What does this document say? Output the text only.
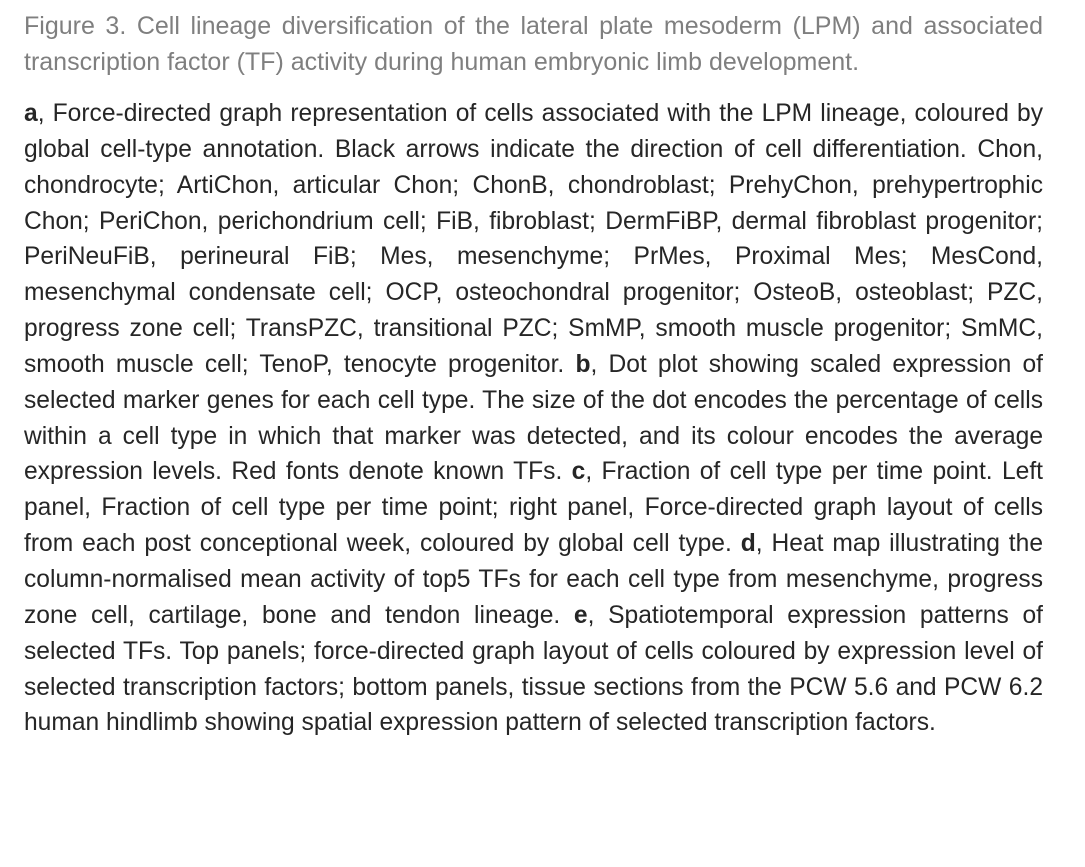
Figure 3. Cell lineage diversification of the lateral plate mesoderm (LPM) and associated transcription factor (TF) activity during human embryonic limb development.

a, Force-directed graph representation of cells associated with the LPM lineage, coloured by global cell-type annotation. Black arrows indicate the direction of cell differentiation. Chon, chondrocyte; ArtiChon, articular Chon; ChonB, chondroblast; PrehyChon, prehypertrophic Chon; PeriChon, perichondrium cell; FiB, fibroblast; DermFiBP, dermal fibroblast progenitor; PeriNeuFiB, perineural FiB; Mes, mesenchyme; PrMes, Proximal Mes; MesCond, mesenchymal condensate cell; OCP, osteochondral progenitor; OsteoB, osteoblast; PZC, progress zone cell; TransPZC, transitional PZC; SmMP, smooth muscle progenitor; SmMC, smooth muscle cell; TenoP, tenocyte progenitor. b, Dot plot showing scaled expression of selected marker genes for each cell type. The size of the dot encodes the percentage of cells within a cell type in which that marker was detected, and its colour encodes the average expression levels. Red fonts denote known TFs. c, Fraction of cell type per time point. Left panel, Fraction of cell type per time point; right panel, Force-directed graph layout of cells from each post conceptional week, coloured by global cell type. d, Heat map illustrating the column-normalised mean activity of top5 TFs for each cell type from mesenchyme, progress zone cell, cartilage, bone and tendon lineage. e, Spatiotemporal expression patterns of selected TFs. Top panels; force-directed graph layout of cells coloured by expression level of selected transcription factors; bottom panels, tissue sections from the PCW 5.6 and PCW 6.2 human hindlimb showing spatial expression pattern of selected transcription factors.
